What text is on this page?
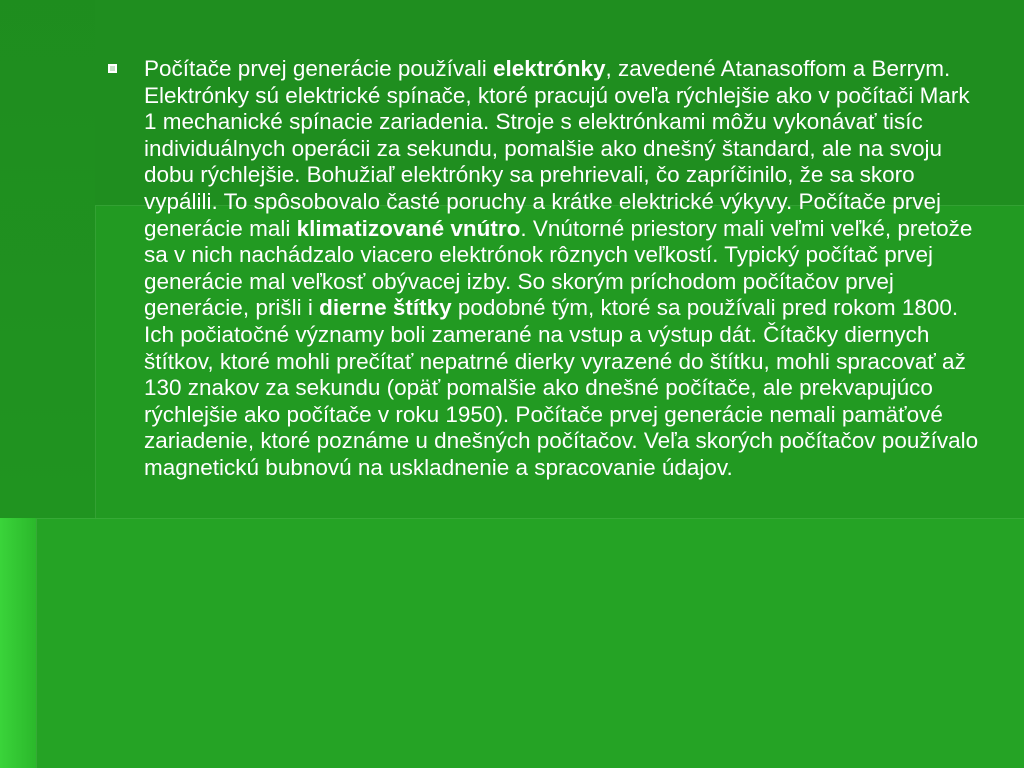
Počítače prvej generácie používali elektrónky, zavedené Atanasoffom a Berrym. Elektrónky sú elektrické spínače, ktoré pracujú oveľa rýchlejšie ako v počítači Mark 1 mechanické spínacie zariadenia. Stroje s elektrónkami môžu vykonávať tisíc individuálnych operácii za sekundu, pomalšie ako dnešný štandard, ale na svoju dobu rýchlejšie. Bohužiaľ elektrónky sa prehrievali, čo zapríčinilo, že sa skoro vypálili. To spôsobovalo časté poruchy a krátke elektrické výkyvy. Počítače prvej generácie mali klimatizované vnútro. Vnútorné priestory mali veľmi veľké, pretože sa v nich nachádzalo viacero elektrónok rôznych veľkostí. Typický počítač prvej generácie mal veľkosť obývacej izby. So skorým príchodom počítačov prvej generácie, prišli i dierne štítky podobné tým, ktoré sa používali pred rokom 1800. Ich počiatočné významy boli zamerané na vstup a výstup dát. Čítačky diernych štítkov, ktoré mohli prečítať nepatrné dierky vyrazené do štítku, mohli spracovať až 130 znakov za sekundu (opäť pomalšie ako dnešné počítače, ale prekvapujúco rýchlejšie ako počítače v roku 1950). Počítače prvej generácie nemali pamäťové zariadenie, ktoré poznáme u dnešných počítačov. Veľa skorých počítačov používalo magnetickú bubnovú na uskladnenie a spracovanie údajov.
